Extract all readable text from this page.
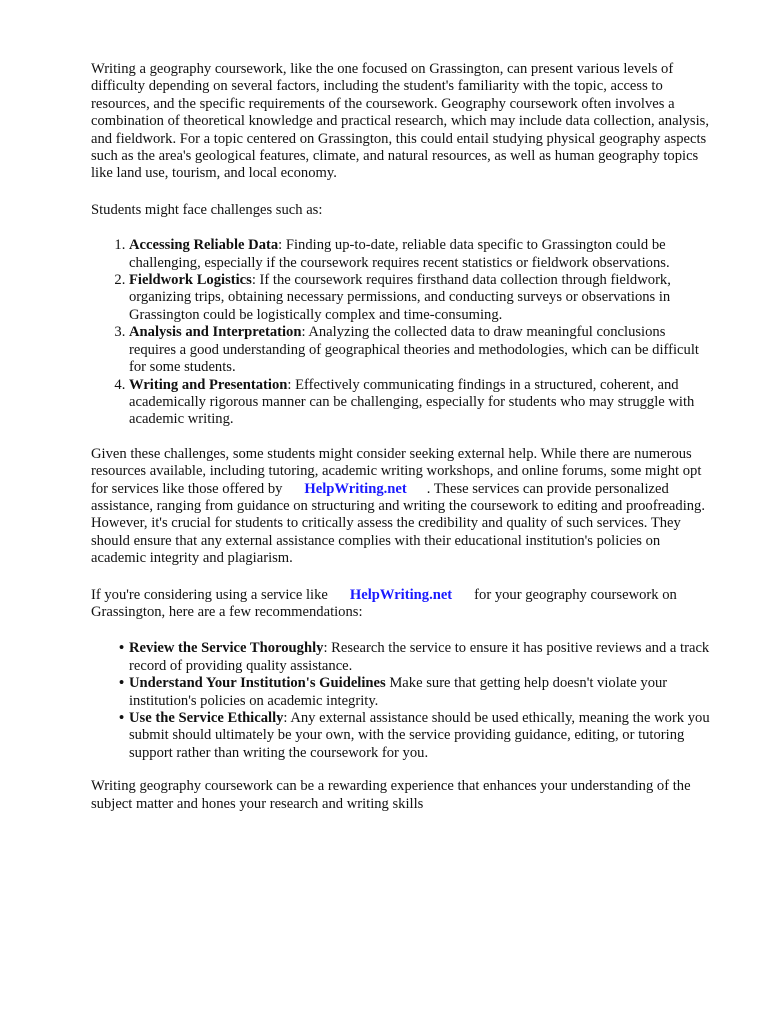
Writing a geography coursework, like the one focused on Grassington, can present various levels of difficulty depending on several factors, including the student's familiarity with the topic, access to resources, and the specific requirements of the coursework. Geography coursework often involves a combination of theoretical knowledge and practical research, which may include data collection, analysis, and fieldwork. For a topic centered on Grassington, this could entail studying physical geography aspects such as the area's geological features, climate, and natural resources, as well as human geography topics like land use, tourism, and local economy.

Students might face challenges such as:

1. Accessing Reliable Data: Finding up-to-date, reliable data specific to Grassington could be challenging, especially if the coursework requires recent statistics or fieldwork observations.
2. Fieldwork Logistics: If the coursework requires firsthand data collection through fieldwork, organizing trips, obtaining necessary permissions, and conducting surveys or observations in Grassington could be logistically complex and time-consuming.
3. Analysis and Interpretation: Analyzing the collected data to draw meaningful conclusions requires a good understanding of geographical theories and methodologies, which can be difficult for some students.
4. Writing and Presentation: Effectively communicating findings in a structured, coherent, and academically rigorous manner can be challenging, especially for students who may struggle with academic writing.

Given these challenges, some students might consider seeking external help. While there are numerous resources available, including tutoring, academic writing workshops, and online forums, some might opt for services like those offered by HelpWriting.net . These services can provide personalized assistance, ranging from guidance on structuring and writing the coursework to editing and proofreading. However, it's crucial for students to critically assess the credibility and quality of such services. They should ensure that any external assistance complies with their educational institution's policies on academic integrity and plagiarism.

If you're considering using a service like HelpWriting.net for your geography coursework on Grassington, here are a few recommendations:

• Review the Service Thoroughly: Research the service to ensure it has positive reviews and a track record of providing quality assistance.
• Understand Your Institution's Guidelines Make sure that getting help doesn't violate your institution's policies on academic integrity.
• Use the Service Ethically: Any external assistance should be used ethically, meaning the work you submit should ultimately be your own, with the service providing guidance, editing, or tutoring support rather than writing the coursework for you.

Writing geography coursework can be a rewarding experience that enhances your understanding of the subject matter and hones your research and writing skills
